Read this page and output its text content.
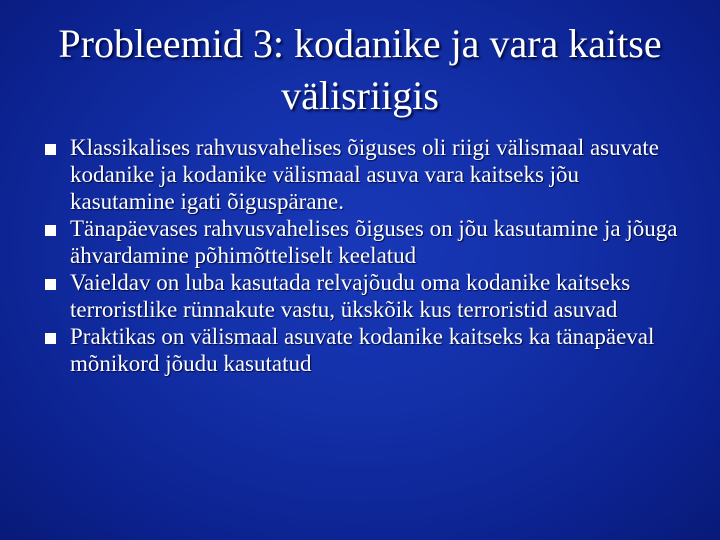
Probleemid 3: kodanike ja vara kaitse välisriigis
Klassikalises rahvusvahelises õiguses oli riigi välismaal asuvate kodanike ja kodanike välismaal asuva vara kaitseks jõu kasutamine igati õiguspärane.
Tänapäevases rahvusvahelises õiguses on jõu kasutamine ja jõuga ähvardamine põhimõtteliselt keelatud
Vaieldav on luba kasutada relvajõudu oma kodanike kaitseks terroristlike rünnakute vastu, ükskõik kus terroristid asuvad
Praktikas on välismaal asuvate kodanike kaitseks ka tänapäeval mõnikord jõudu kasutatud
